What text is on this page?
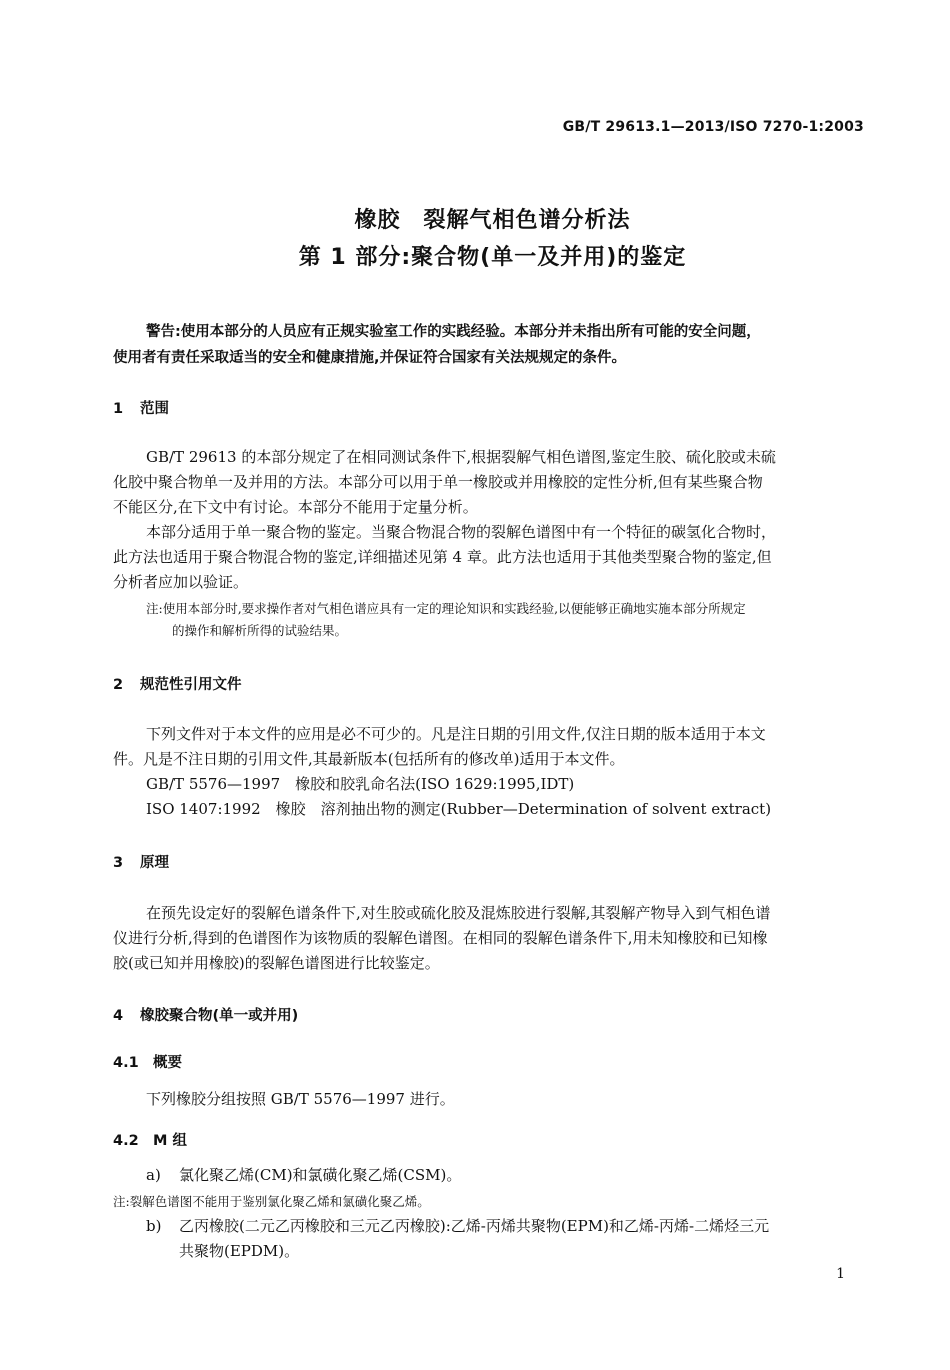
GB/T 29613.1—2013/ISO 7270-1:2003
橡胶　裂解气相色谱分析法
第 1 部分:聚合物(单一及并用)的鉴定
警告:使用本部分的人员应有正规实验室工作的实践经验。本部分并未指出所有可能的安全问题，
使用者有责任采取适当的安全和健康措施,并保证符合国家有关法规规定的条件。
1 范围

GB/T 29613 的本部分规定了在相同测试条件下,根据裂解气相色谱图,鉴定生胶、硫化胶或未硫

化胶中聚合物单一及并用的方法。本部分可以用于单一橡胶或并用橡胶的定性分析,但有某些聚合物

不能区分,在下文中有讨论。本部分不能用于定量分析。

本部分适用于单一聚合物的鉴定。当聚合物混合物的裂解色谱图中有一个特征的碳氢化合物时，

此方法也适用于聚合物混合物的鉴定,详细描述见第 4 章。此方法也适用于其他类型聚合物的鉴定,但

分析者应加以验证。

注:使用本部分时,要求操作者对气相色谱应具有一定的理论知识和实践经验,以便能够正确地实施本部分所规定
的操作和解析所得的试验结果。
2 规范性引用文件

下列文件对于本文件的应用是必不可少的。凡是注日期的引用文件,仅注日期的版本适用于本文

件。凡是不注日期的引用文件,其最新版本(包括所有的修改单)适用于本文件。

GB/T 5576—1997　橡胶和胶乳命名法(ISO 1629:1995,IDT)

ISO 1407:1992　橡胶　溶剂抽出物的测定(Rubber—Determination of solvent extract)

3 原理

在预先设定好的裂解色谱条件下,对生胶或硫化胶及混炼胶进行裂解,其裂解产物导入到气相色谱

仪进行分析,得到的色谱图作为该物质的裂解色谱图。在相同的裂解色谱条件下,用未知橡胶和已知橡

胶(或已知并用橡胶)的裂解色谱图进行比较鉴定。

4 橡胶聚合物(单一或并用)
4.1 概要

下列橡胶分组按照 GB/T 5576—1997 进行。

4.2 M 组
a) 氯化聚乙烯(CM)和氯磺化聚乙烯(CSM)。
注:裂解色谱图不能用于鉴别氯化聚乙烯和氯磺化聚乙烯。
b) 乙丙橡胶(二元乙丙橡胶和三元乙丙橡胶):乙烯-丙烯共聚物(EPM)和乙烯-丙烯-二烯烃三元
共聚物(EPDM)。
1
